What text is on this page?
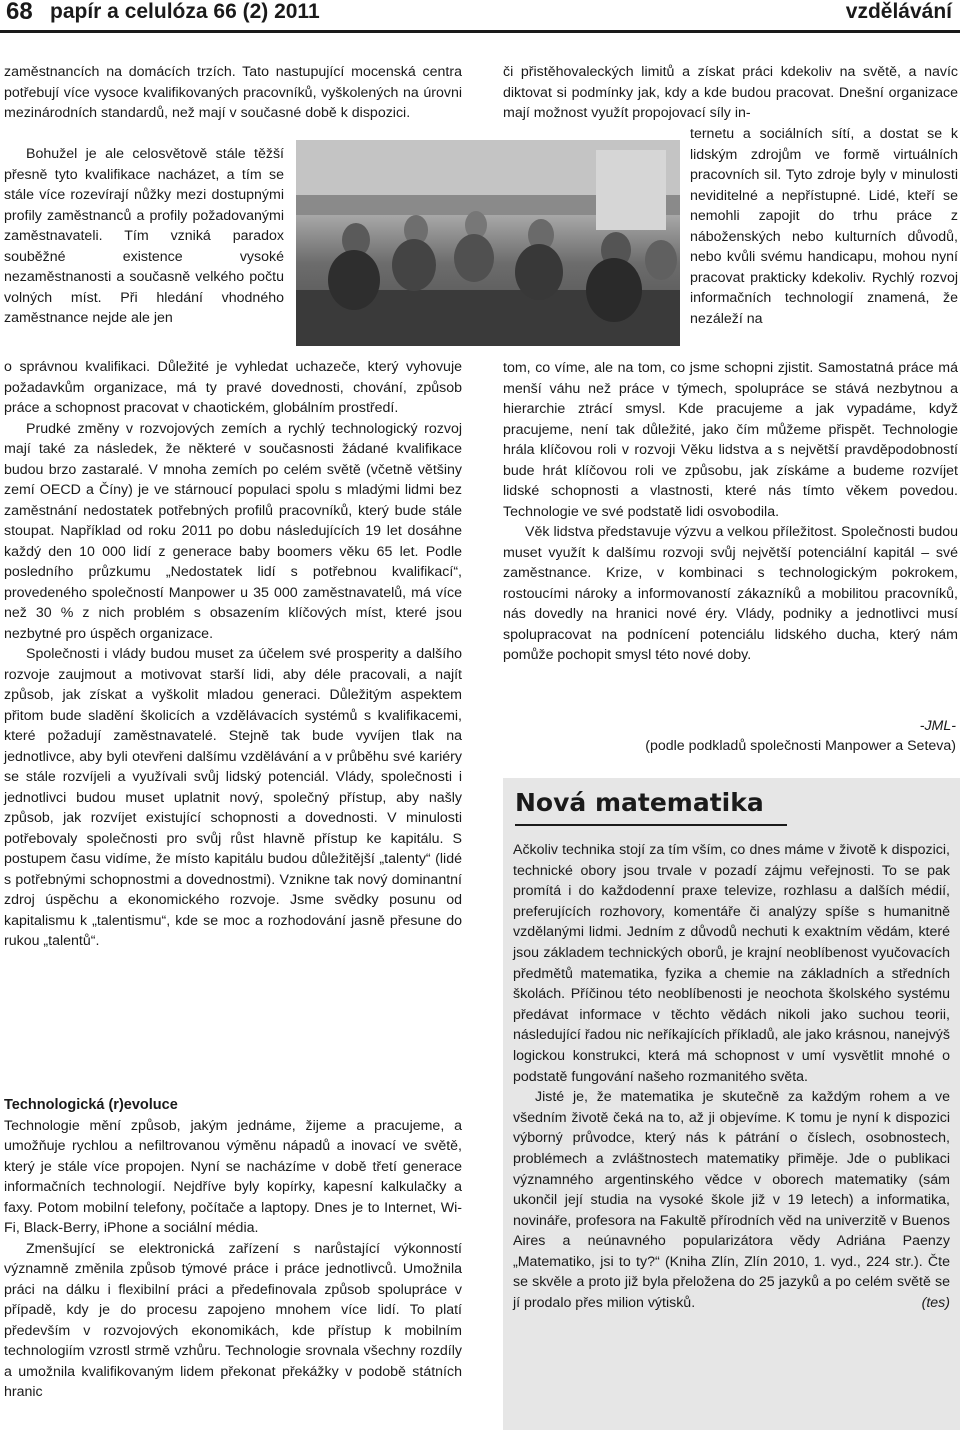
68 papír a celulóza 66 (2) 2011	vzdělávání

zaměstnancích na domácích trzích. Tato nastupující mocenská centra potřebují více vysoce kvalifikovaných pracovníků, vyškolených na úrovni mezinárodních standardů, než mají v současné době k dispozici.

Bohužel je ale celosvětově stále těžší přesně tyto kvalifikace nacházet, a tím se stále více rozevírají nůžky mezi dostupnými profily zaměstnanců a profily požadovanými zaměstnavateli. Tím vzniká paradox souběžné existence vysoké nezaměstnanosti a současně velkého počtu volných míst. Při hledání vhodného zaměstnance nejde ale jen

o správnou kvalifikaci. Důležité je vyhledat uchazeče, který vyhovuje požadavkům organizace, má ty pravé dovednosti, chování, způsob práce a schopnost pracovat v chaotickém, globálním prostředí.

Prudké změny v rozvojových zemích a rychlý technologický rozvoj mají také za následek, že některé v současnosti žádané kvalifikace budou brzo zastaralé. V mnoha zemích po celém světě (včetně většiny zemí OECD a Číny) je ve stárnoucí populaci spolu s mladými lidmi bez zaměstnání nedostatek potřebných profilů pracovníků, který bude stále stoupat. Například od roku 2011 po dobu následujících 19 let dosáhne každý den 10 000 lidí z generace baby boomers věku 65 let. Podle posledního průzkumu „Nedostatek lidí s potřebnou kvalifikací“, provedeného společností Manpower u 35 000 zaměstnavatelů, má více než 30 % z nich problém s obsazením klíčových míst, které jsou nezbytné pro úspěch organizace.

Společnosti i vlády budou muset za účelem své prosperity a dalšího rozvoje zaujmout a motivovat starší lidi, aby déle pracovali, a najít způsob, jak získat a vyškolit mladou generaci. Důležitým aspektem přitom bude sladění školicích a vzdělávacích systémů s kvalifikacemi, které požadují zaměstnavatelé. Stejně tak bude vyvíjen tlak na jednotlivce, aby byli otevřeni dalšímu vzdělávání a v průběhu své kariéry se stále rozvíjeli a využívali svůj lidský potenciál. Vlády, společnosti i jednotlivci budou muset uplatnit nový, společný přístup, aby našly způsob, jak rozvíjet existující schopnosti a dovednosti. V minulosti potřebovaly společnosti pro svůj růst hlavně přístup ke kapitálu. S postupem času vidíme, že místo kapitálu budou důležitější „talenty“ (lidé s potřebnými schopnostmi a dovednostmi). Vznikne tak nový dominantní zdroj úspěchu a ekonomického rozvoje. Jsme svědky posunu od kapitalismu k „talentismu“, kde se moc a rozhodování jasně přesune do rukou „talentů“.

Technologická (r)evoluce

Technologie mění způsob, jakým jednáme, žijeme a pracujeme, a umožňuje rychlou a nefiltrovanou výměnu nápadů a inovací ve světě, který je stále více propojen. Nyní se nacházíme v době třetí generace informačních technologií. Nejdříve byly kopírky, kapesní kalkulačky a faxy. Potom mobilní telefony, počítače a laptopy. Dnes je to Internet, Wi-Fi, Black-Berry, iPhone a sociální média.

Zmenšující se elektronická zařízení s narůstající výkonností významně změnila způsob týmové práce i práce jednotlivců. Umožnila práci na dálku i flexibilní práci a předefinovala způsob spolupráce v případě, kdy je do procesu zapojeno mnohem více lidí. To platí především v rozvojových ekonomikách, kde přístup k mobilním technologiím vzrostl strmě vzhůru. Technologie srovnala všechny rozdíly a umožnila kvalifikovaným lidem překonat překážky v podobě státních hranic

či přistěhovaleckých limitů a získat práci kdekoliv na světě, a navíc diktovat si podmínky jak, kdy a kde budou pracovat. Dnešní organizace mají možnost využít propojovací síly in-

ternetu a sociálních sítí, a dostat se k lidským zdrojům ve formě virtuálních pracovních sil. Tyto zdroje byly v minulosti neviditelné a nepřístupné. Lidé, kteří se nemohli zapojit do trhu práce z náboženských nebo kulturních důvodů, nebo kvůli svému handicapu, mohou nyní pracovat prakticky kdekoliv. Rychlý rozvoj informačních technologií znamená, že nezáleží na

tom, co víme, ale na tom, co jsme schopni zjistit. Samostatná práce má menší váhu než práce v týmech, spolupráce se stává nezbytnou a hierarchie ztrácí smysl. Kde pracujeme a jak vypadáme, když pracujeme, není tak důležité, jako čím můžeme přispět. Technologie hrála klíčovou roli v rozvoji Věku lidstva a s největší pravděpodobností bude hrát klíčovou roli ve způsobu, jak získáme a budeme rozvíjet lidské schopnosti a vlastnosti, které nás tímto věkem povedou. Technologie ve své podstatě lidi osvobodila.

Věk lidstva představuje výzvu a velkou příležitost. Společnosti budou muset využít k dalšímu rozvoji svůj největší potenciální kapitál – své zaměstnance. Krize, v kombinaci s technologickým pokrokem, rostoucími nároky a informovaností zákazníků a mobilitou pracovníků, nás dovedly na hranici nové éry. Vlády, podniky a jednotlivci musí spolupracovat na podnícení potenciálu lidského ducha, který nám pomůže pochopit smysl této nové doby.

-JML-
(podle podkladů společnosti Manpower a Seteva)
Nová matematika

Ačkoliv technika stojí za tím vším, co dnes máme v životě k dispozici, technické obory jsou trvale v pozadí zájmu veřejnosti. To se pak promítá i do každodenní praxe televize, rozhlasu a dalších médií, preferujících rozhovory, komentáře či analýzy spíše s humanitně vzdělanými lidmi. Jedním z důvodů nechuti k exaktním vědám, které jsou základem technických oborů, je krajní neoblíbenost vyučovacích předmětů matematika, fyzika a chemie na základních a středních školách. Příčinou této neoblíbenosti je neochota školského systému předávat informace v těchto vědách nikoli jako suchou teorii, následující řadou nic neříkajících příkladů, ale jako krásnou, nanejvýš logickou konstrukci, která má schopnost v umí vysvětlit mnohé o podstatě fungování našeho rozmanitého světa.

Jisté je, že matematika je skutečně za každým rohem a ve všedním životě čeká na to, až ji objevíme. K tomu je nyní k dispozici výborný průvodce, který nás k pátrání o číslech, osobnostech, problémech a zvláštnostech matematiky přiměje. Jde o publikaci významného argentinského vědce v oborech matematiky (sám ukončil její studia na vysoké škole již v 19 letech) a informatika, novináře, profesora na Fakultě přírodních věd na univerzitě v Buenos Aires a neúnavného popularizátora vědy Adriána Paenzy „Matematiko, jsi to ty?“ (Kniha Zlín, Zlín 2010, 1. vyd., 224 str.). Čte se skvěle a proto již byla přeložena do 25 jazyků a po celém světě se jí prodalo přes milion výtisků.	(tes)
